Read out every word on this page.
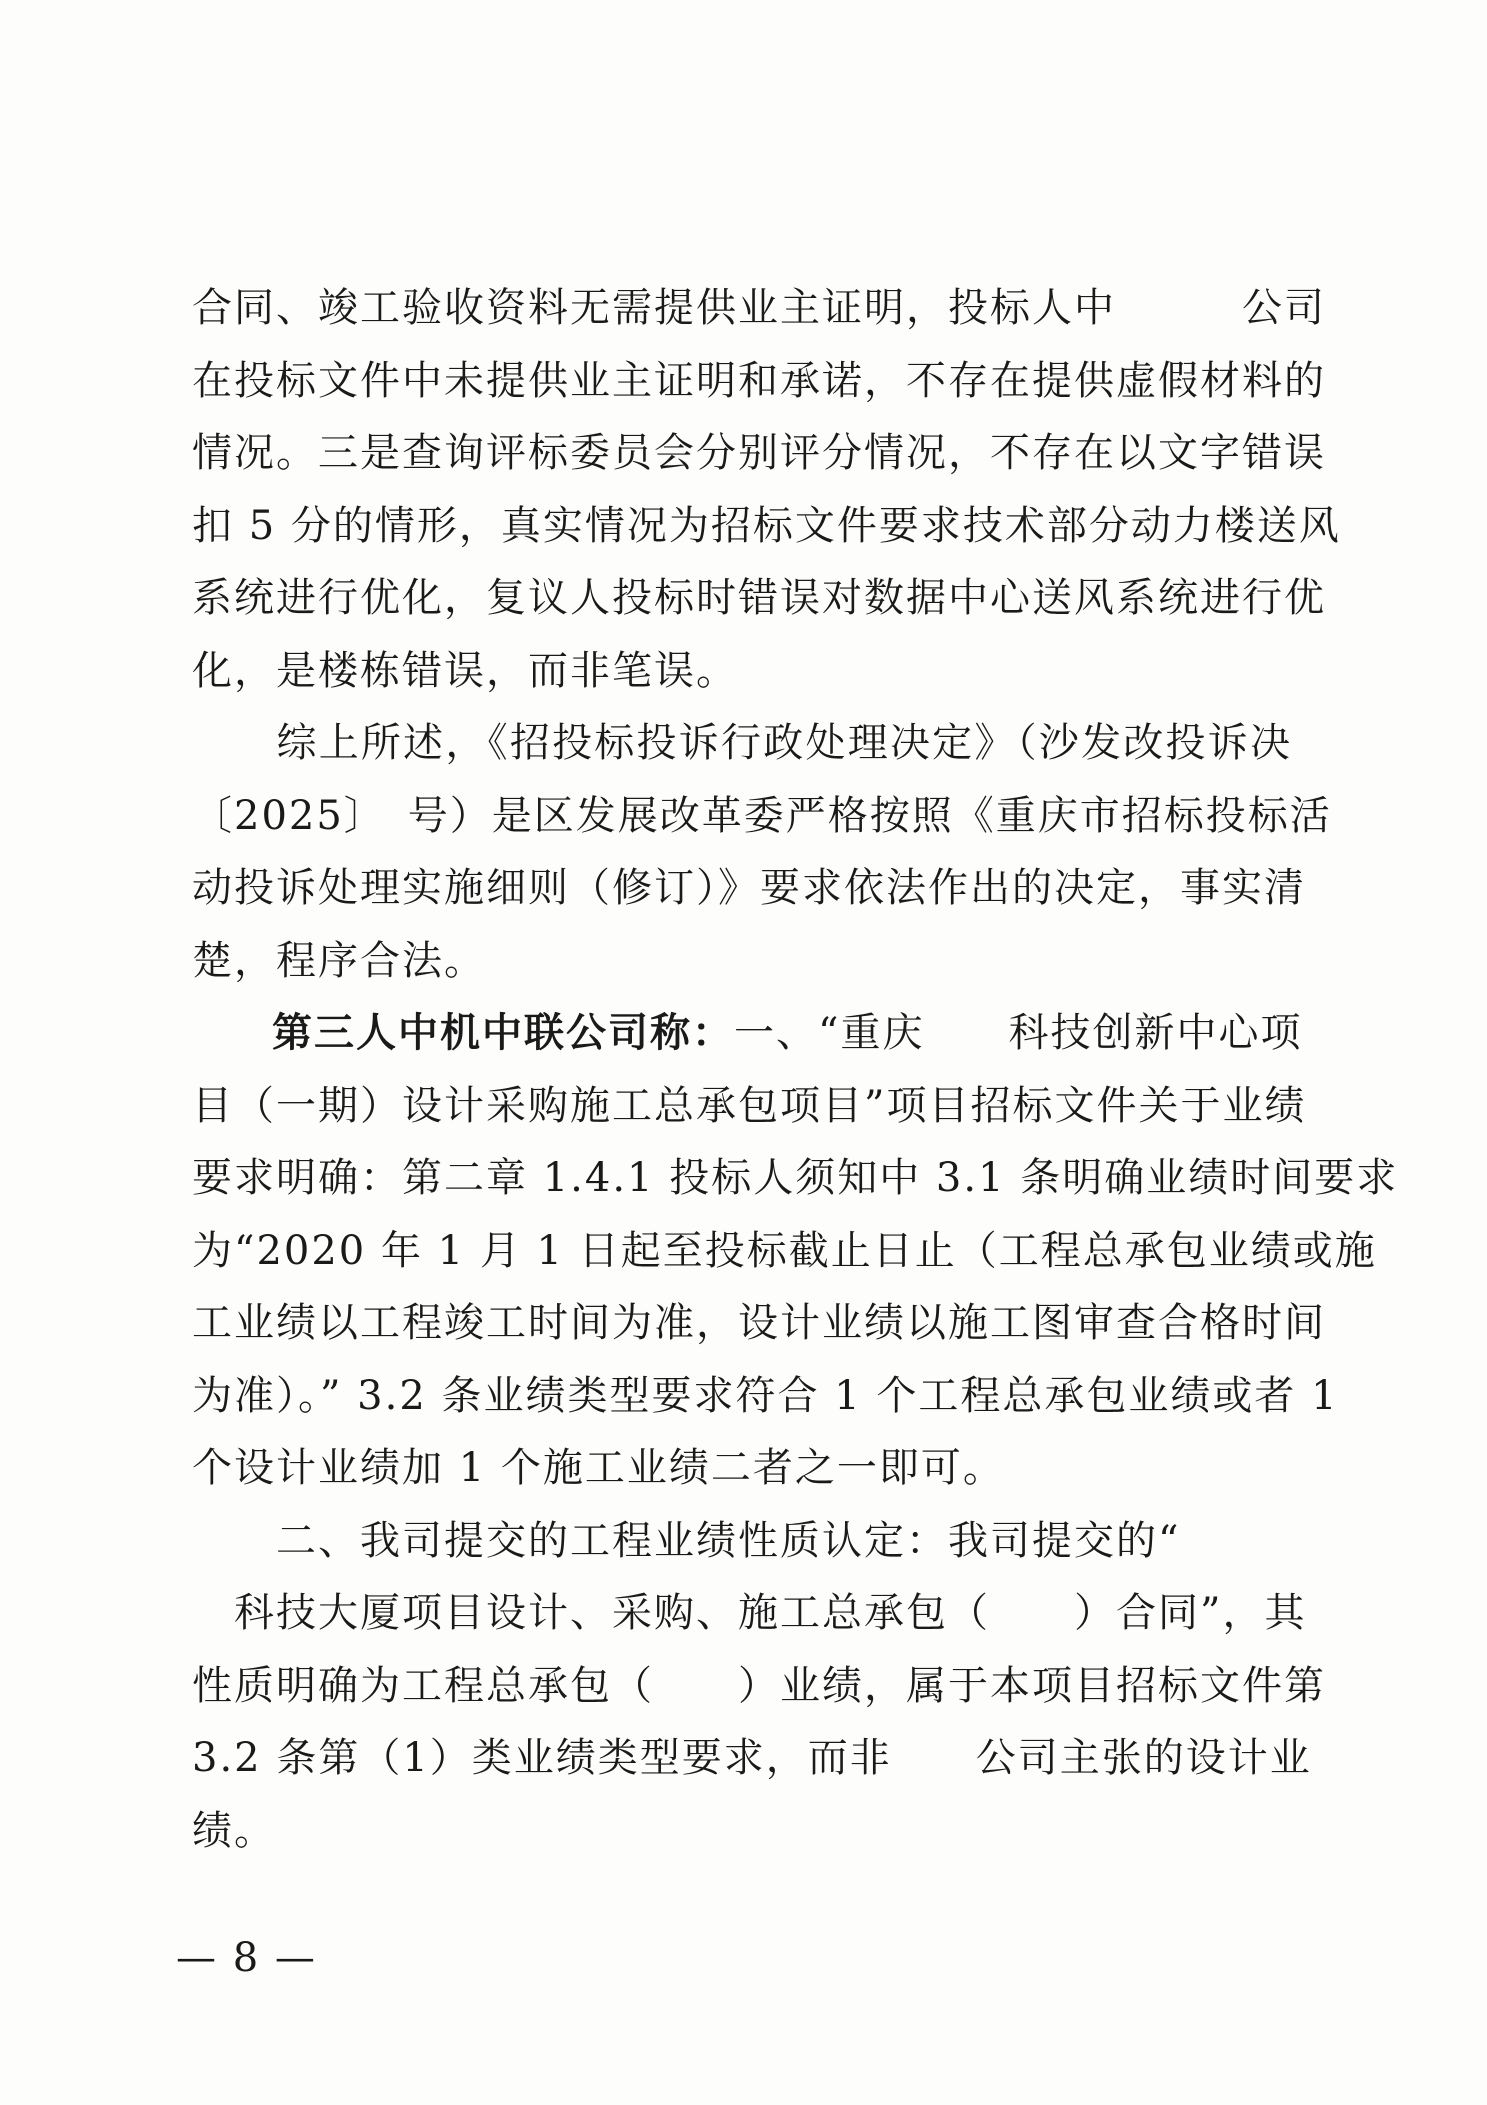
合同、竣工验收资料无需提供业主证明，投标人中　　　公司
在投标文件中未提供业主证明和承诺，不存在提供虚假材料的
情况。三是查询评标委员会分别评分情况，不存在以文字错误
扣 5 分的情形，真实情况为招标文件要求技术部分动力楼送风
系统进行优化，复议人投标时错误对数据中心送风系统进行优
化，是楼栋错误，而非笔误。
　　综上所述，《招投标投诉行政处理决定》（沙发改投诉决
〔2025〕　号）是区发展改革委严格按照《重庆市招标投标活
动投诉处理实施细则（修订）》要求依法作出的决定，事实清
楚，程序合法。
第三人中机中联公司称：一、“重庆　　科技创新中心项
目（一期）设计采购施工总承包项目”项目招标文件关于业绩
要求明确：第二章 1.4.1 投标人须知中 3.1 条明确业绩时间要求
为“2020 年 1 月 1 日起至投标截止日止（工程总承包业绩或施
工业绩以工程竣工时间为准，设计业绩以施工图审查合格时间
为准）。” 3.2 条业绩类型要求符合 1 个工程总承包业绩或者 1
个设计业绩加 1 个施工业绩二者之一即可。
　　二、我司提交的工程业绩性质认定：我司提交的“
　科技大厦项目设计、采购、施工总承包（　　）合同”，其
性质明确为工程总承包（　　）业绩，属于本项目招标文件第
3.2 条第（1）类业绩类型要求，而非　　公司主张的设计业
绩。
— 8 —
